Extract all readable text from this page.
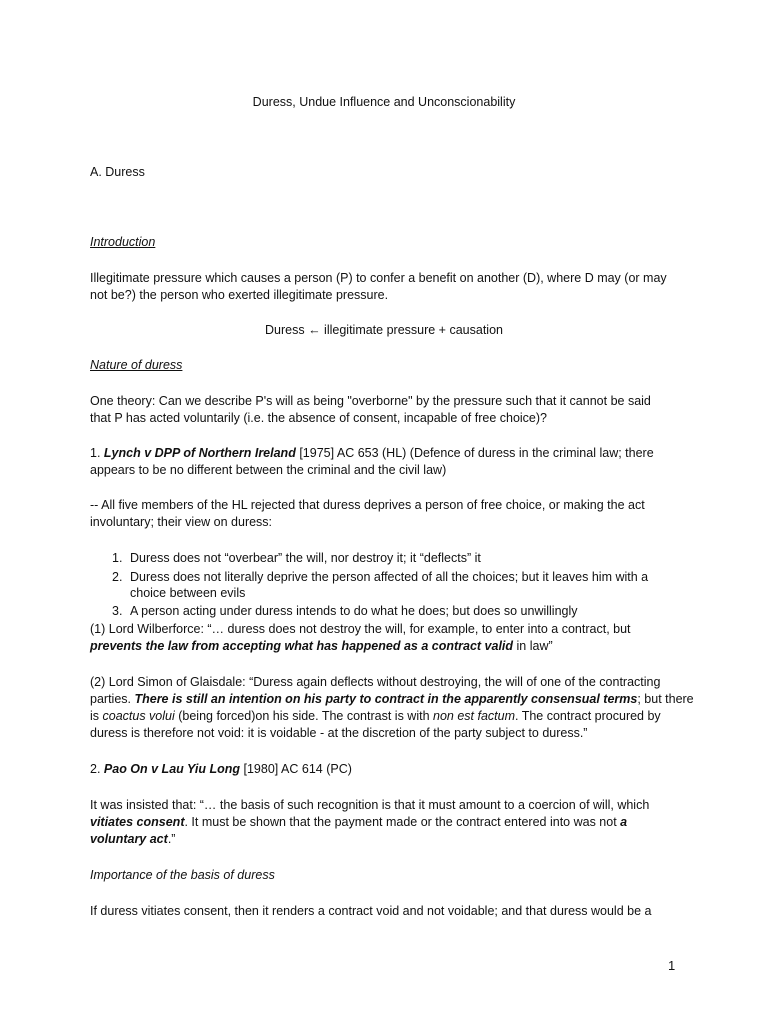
Duress, Undue Influence and Unconscionability
A. Duress
Introduction
Illegitimate pressure which causes a person (P) to confer a benefit on another (D), where D may (or may
not be?) the person who exerted illegitimate pressure.
Duress ← illegitimate pressure + causation
Nature of duress
One theory: Can we describe P's will as being "overborne" by the pressure such that it cannot be said
that P has acted voluntarily (i.e. the absence of consent, incapable of free choice)?
1. Lynch v DPP of Northern Ireland [1975] AC 653 (HL) (Defence of duress in the criminal law; there
appears to be no different between the criminal and the civil law)
-- All five members of the HL rejected that duress deprives a person of free choice, or making the act
involuntary; their view on duress:
1. Duress does not “overbear” the will, nor destroy it; it “deflects” it
2. Duress does not literally deprive the person affected of all the choices; but it leaves him with a
choice between evils
3. A person acting under duress intends to do what he does; but does so unwillingly
(1) Lord Wilberforce: “… duress does not destroy the will, for example, to enter into a contract, but
prevents the law from accepting what has happened as a contract valid in law”
(2) Lord Simon of Glaisdale: “Duress again deflects without destroying, the will of one of the contracting
parties. There is still an intention on his party to contract in the apparently consensual terms; but there
is coactus volui (being forced)on his side. The contrast is with non est factum. The contract procured by
duress is therefore not void: it is voidable - at the discretion of the party subject to duress.”
2. Pao On v Lau Yiu Long [1980] AC 614 (PC)
It was insisted that: “… the basis of such recognition is that it must amount to a coercion of will, which
vitiates consent. It must be shown that the payment made or the contract entered into was not a
voluntary act.”
Importance of the basis of duress
If duress vitiates consent, then it renders a contract void and not voidable; and that duress would be a
1
